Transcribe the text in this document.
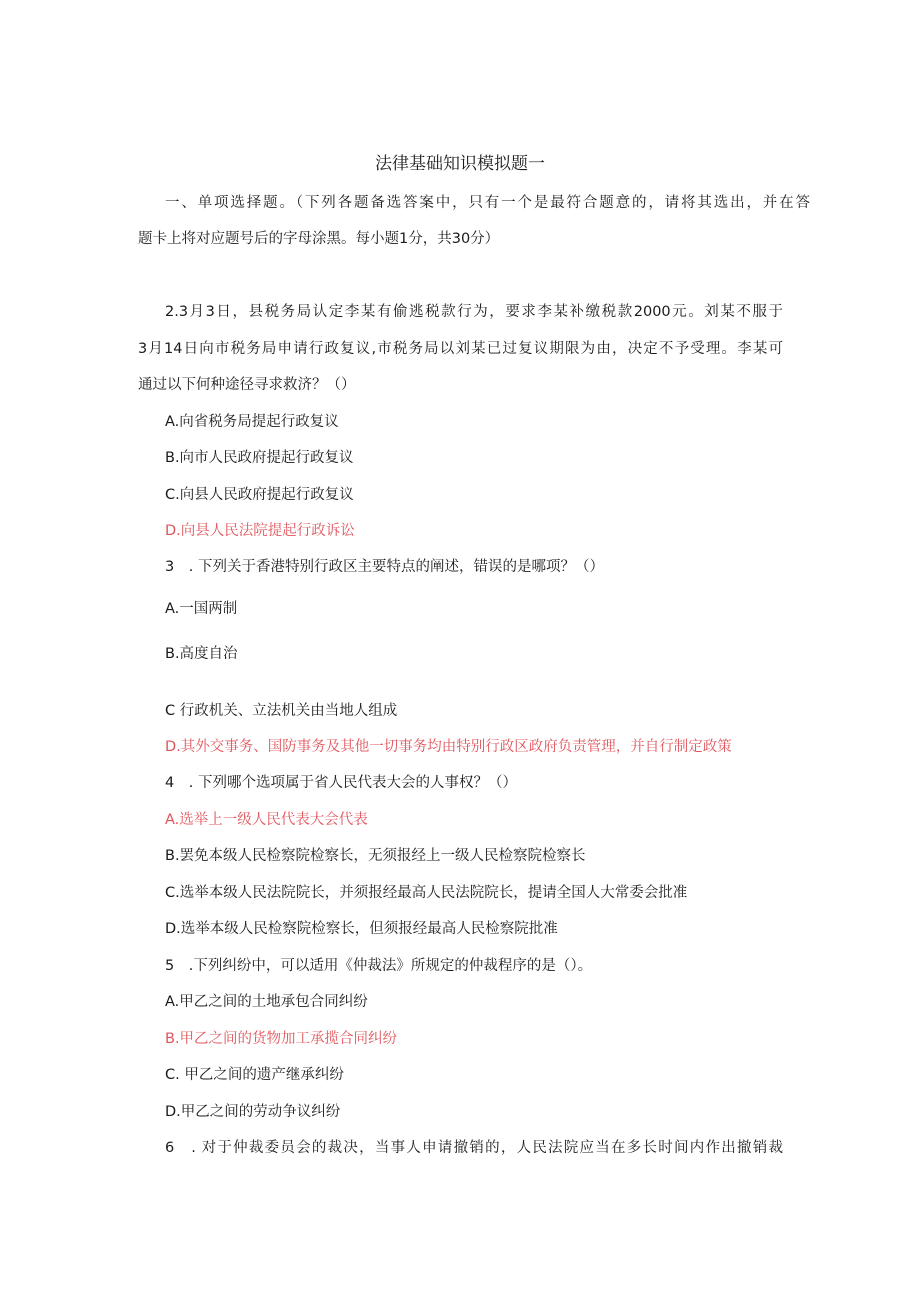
法律基础知识模拟题一
一、单项选择题。（下列各题备选答案中，只有一个是最符合题意的，请将其选出，并在答
题卡上将对应题号后的字母涂黑。每小题1分，共30分）
2.3月3日，县税务局认定李某有偷逃税款行为，要求李某补缴税款2000元。刘某不服于
3月14日向市税务局申请行政复议,市税务局以刘某已过复议期限为由，决定不予受理。李某可
通过以下何种途径寻求救济？（）
A.向省税务局提起行政复议
B.向市人民政府提起行政复议
C.向县人民政府提起行政复议
D.向县人民法院提起行政诉讼
3　. 下列关于香港特别行政区主要特点的阐述，错误的是哪项？（）
A.一国两制
B.高度自治
C 行政机关、立法机关由当地人组成
D.其外交事务、国防事务及其他一切事务均由特别行政区政府负责管理，并自行制定政策
4　. 下列哪个选项属于省人民代表大会的人事权？（）
A.选举上一级人民代表大会代表
B.罢免本级人民检察院检察长，无须报经上一级人民检察院检察长
C.选举本级人民法院院长，并须报经最高人民法院院长，提请全国人大常委会批准
D.选举本级人民检察院检察长，但须报经最高人民检察院批准
5　.下列纠纷中，可以适用《仲裁法》所规定的仲裁程序的是（）。
A.甲乙之间的土地承包合同纠纷
B.甲乙之间的货物加工承揽合同纠纷
C. 甲乙之间的遗产继承纠纷
D.甲乙之间的劳动争议纠纷
6　. 对于仲裁委员会的裁决，当事人申请撤销的，人民法院应当在多长时间内作出撤销裁
